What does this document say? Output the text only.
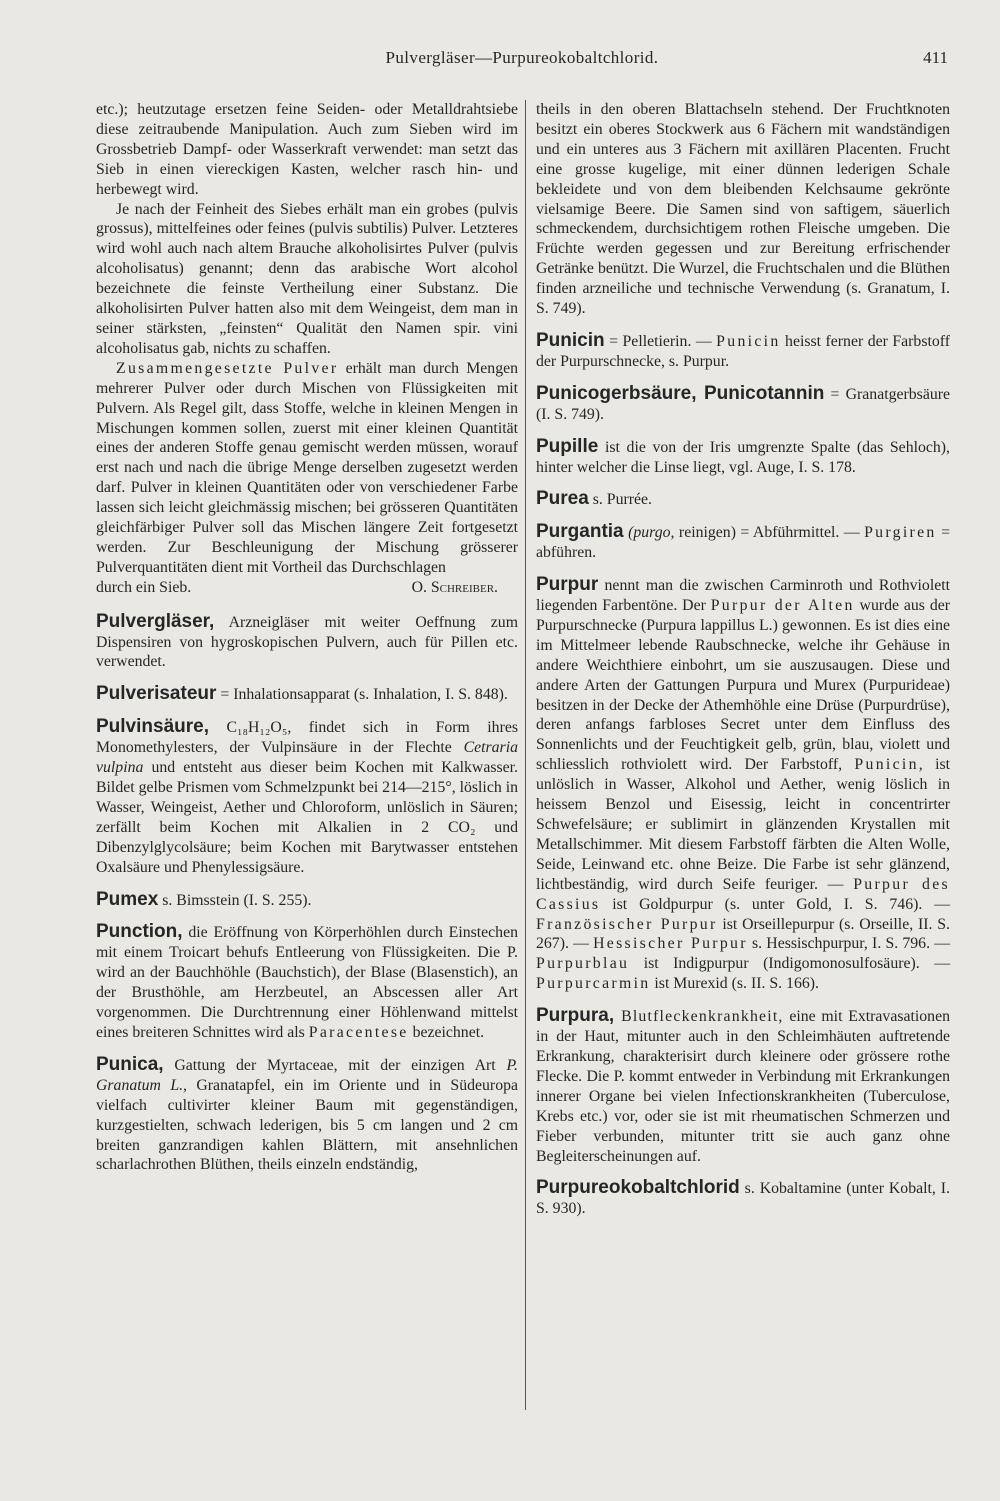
Pulvergläser—Purpureokobaltchlorid.	411

etc.); heutzutage ersetzen feine Seiden- oder Metalldrahtsiebe diese zeitraubende Manipulation. Auch zum Sieben wird im Grossbetrieb Dampf- oder Wasserkraft verwendet: man setzt das Sieb in einen viereckigen Kasten, welcher rasch hin- und herbewegt wird.

Je nach der Feinheit des Siebes erhält man ein grobes (pulvis grossus), mittelfeines oder feines (pulvis subtilis) Pulver. Letzteres wird wohl auch nach altem Brauche alkoholisirtes Pulver (pulvis alcoholisatus) genannt; denn das arabische Wort alcohol bezeichnete die feinste Vertheilung einer Substanz. Die alkoholisirten Pulver hatten also mit dem Weingeist, dem man in seiner stärksten, „feinsten“ Qualität den Namen spir. vini alcoholisatus gab, nichts zu schaffen.

Zusammengesetzte Pulver erhält man durch Mengen mehrerer Pulver oder durch Mischen von Flüssigkeiten mit Pulvern. Als Regel gilt, dass Stoffe, welche in kleinen Mengen in Mischungen kommen sollen, zuerst mit einer kleinen Quantität eines der anderen Stoffe genau gemischt werden müssen, worauf erst nach und nach die übrige Menge derselben zugesetzt werden darf. Pulver in kleinen Quantitäten oder von verschiedener Farbe lassen sich leicht gleichmässig mischen; bei grösseren Quantitäten gleichfärbiger Pulver soll das Mischen längere Zeit fortgesetzt werden. Zur Beschleunigung der Mischung grösserer Pulverquantitäten dient mit Vortheil das Durchschlagen

durch ein Sieb.	O. Schreiber.

Pulvergläser, Arzneigläser mit weiter Oeffnung zum Dispensiren von hygroskopischen Pulvern, auch für Pillen etc. verwendet.

Pulverisateur = Inhalationsapparat (s. Inhalation, I. S. 848).

Pulvinsäure, C₁₈H₁₂O₅, findet sich in Form ihres Monomethylesters, der Vulpinsäure in der Flechte Cetraria vulpina und entsteht aus dieser beim Kochen mit Kalkwasser. Bildet gelbe Prismen vom Schmelzpunkt bei 214—215°, löslich in Wasser, Weingeist, Aether und Chloroform, unlöslich in Säuren; zerfällt beim Kochen mit Alkalien in 2 CO₂ und Dibenzylglycolsäure; beim Kochen mit Barytwasser entstehen Oxalsäure und Phenylessigsäure.

Pumex s. Bimsstein (I. S. 255).

Punction, die Eröffnung von Körperhöhlen durch Einstechen mit einem Troicart behufs Entleerung von Flüssigkeiten. Die P. wird an der Bauchhöhle (Bauchstich), der Blase (Blasenstich), an der Brusthöhle, am Herzbeutel, an Abscessen aller Art vorgenommen. Die Durchtrennung einer Höhlenwand mittelst eines breiteren Schnittes wird als Paracentese bezeichnet.

Punica, Gattung der Myrtaceae, mit der einzigen Art P. Granatum L., Granatapfel, ein im Oriente und in Südeuropa vielfach cultivirter kleiner Baum mit gegenständigen, kurzgestielten, schwach lederigen, bis 5 cm langen und 2 cm breiten ganzrandigen kahlen Blättern, mit ansehnlichen scharlachrothen Blüthen, theils einzeln endständig,

theils in den oberen Blattachseln stehend. Der Fruchtknoten besitzt ein oberes Stockwerk aus 6 Fächern mit wandständigen und ein unteres aus 3 Fächern mit axillären Placenten. Frucht eine grosse kugelige, mit einer dünnen lederigen Schale bekleidete und von dem bleibenden Kelchsaume gekrönte vielsamige Beere. Die Samen sind von saftigem, säuerlich schmeckendem, durchsichtigem rothen Fleische umgeben. Die Früchte werden gegessen und zur Bereitung erfrischender Getränke benützt. Die Wurzel, die Fruchtschalen und die Blüthen finden arzneiliche und technische Verwendung (s. Granatum, I. S. 749).

Punicin = Pelletierin. — Punicin heisst ferner der Farbstoff der Purpurschnecke, s. Purpur.

Punicogerbsäure, Punicotannin = Granatgerbsäure (I. S. 749).

Pupille ist die von der Iris umgrenzte Spalte (das Sehloch), hinter welcher die Linse liegt, vgl. Auge, I. S. 178.

Purea s. Purrée.

Purgantia (purgo, reinigen) = Abführmittel. — Purgiren = abführen.

Purpur nennt man die zwischen Carminroth und Rothviolett liegenden Farbentöne. Der Purpur der Alten wurde aus der Purpurschnecke (Purpura lappillus L.) gewonnen. Es ist dies eine im Mittelmeer lebende Raubschnecke, welche ihr Gehäuse in andere Weichthiere einbohrt, um sie auszusaugen. Diese und andere Arten der Gattungen Purpura und Murex (Purpurideae) besitzen in der Decke der Athemhöhle eine Drüse (Purpurdrüse), deren anfangs farbloses Secret unter dem Einfluss des Sonnenlichts und der Feuchtigkeit gelb, grün, blau, violett und schliesslich rothviolett wird. Der Farbstoff, Punicin, ist unlöslich in Wasser, Alkohol und Aether, wenig löslich in heissem Benzol und Eisessig, leicht in concentrirter Schwefelsäure; er sublimirt in glänzenden Krystallen mit Metallschimmer. Mit diesem Farbstoff färbten die Alten Wolle, Seide, Leinwand etc. ohne Beize. Die Farbe ist sehr glänzend, lichtbeständig, wird durch Seife feuriger. — Purpur des Cassius ist Goldpurpur (s. unter Gold, I. S. 746). — Französischer Purpur ist Orseillepurpur (s. Orseille, II. S. 267). — Hessischer Purpur s. Hessischpurpur, I. S. 796. — Purpurblau ist Indigpurpur (Indigomonosulfosäure). — Purpurcarmin ist Murexid (s. II. S. 166).

Purpura, Blutfleckenkrankheit, eine mit Extravasationen in der Haut, mitunter auch in den Schleimhäuten auftretende Erkrankung, charakterisirt durch kleinere oder grössere rothe Flecke. Die P. kommt entweder in Verbindung mit Erkrankungen innerer Organe bei vielen Infectionskrankheiten (Tuberculose, Krebs etc.) vor, oder sie ist mit rheumatischen Schmerzen und Fieber verbunden, mitunter tritt sie auch ganz ohne Begleiterscheinungen auf.

Purpureokobaltchlorid s. Kobaltamine (unter Kobalt, I. S. 930).
